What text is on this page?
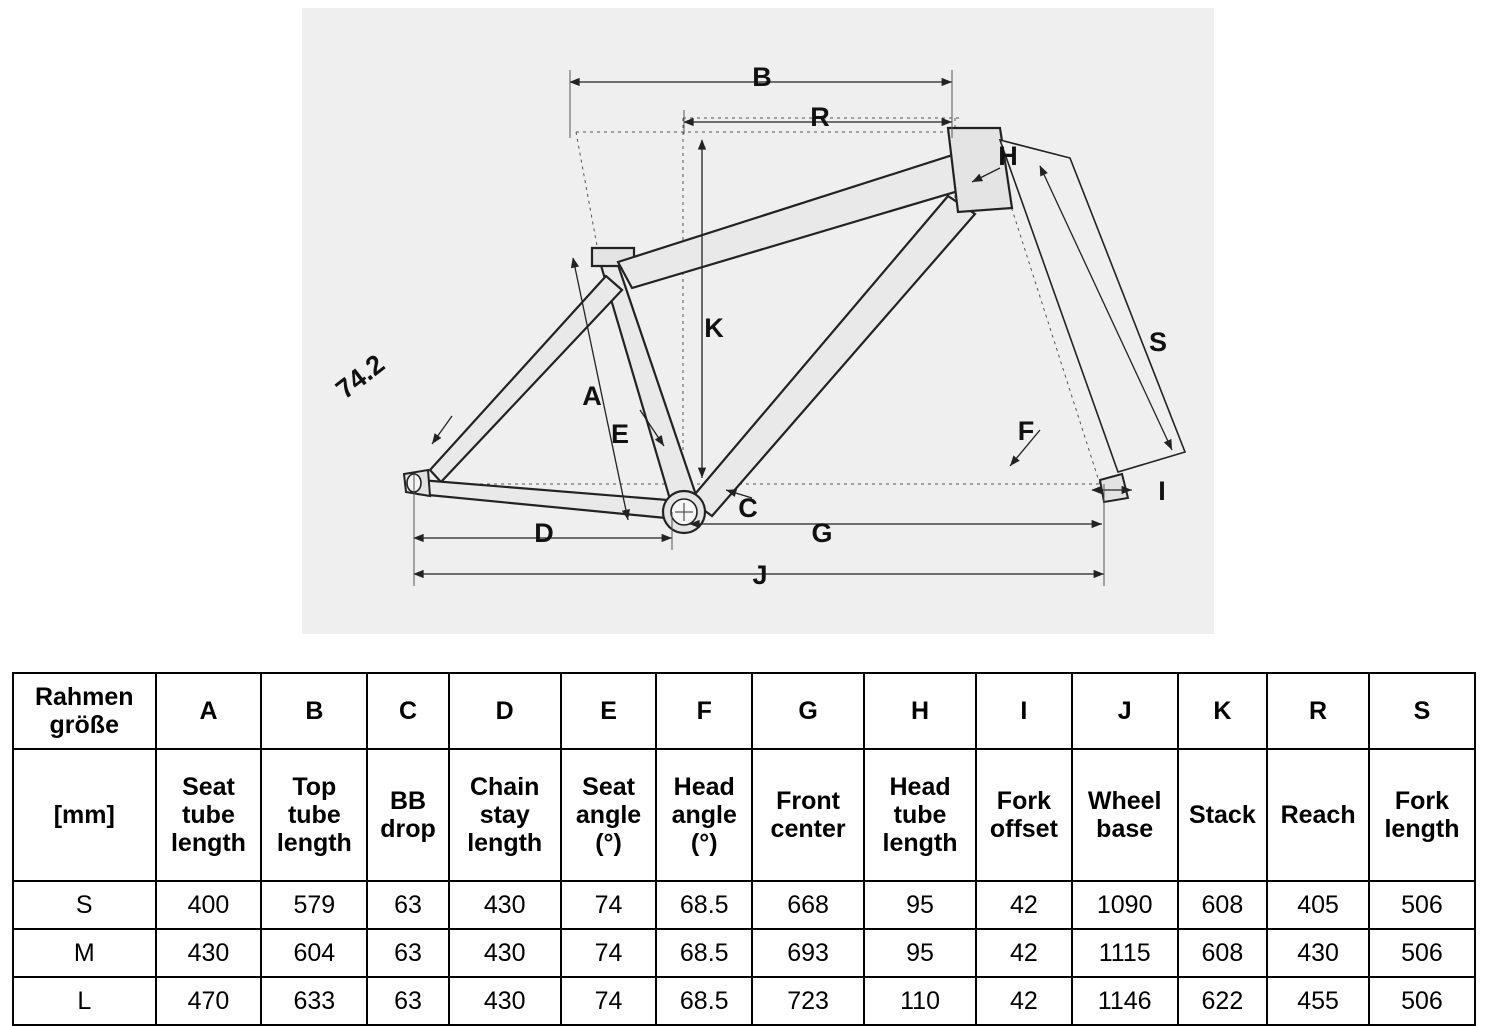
B
R
H
S
K
A
E	F
C
G
I
D
J
74.2
Rahmen
größe	A	B	C	D	E	F	G	H	I	J	K	R	S
[mm]	Seat
tube
length	Top
tube
length	BB
drop	Chain
stay
length	Seat
angle
(°)	Head
angle
(°)	Front
center	Head
tube
length	Fork
offset	Wheel
base	Stack	Reach	Fork
length

S	400	579	63	430	74	68.5	668	95	42	1090	608	405	506
M	430	604	63	430	74	68.5	693	95	42	1115	608	430	506
L	470	633	63	430	74	68.5	723	110	42	1146	622	455	506
